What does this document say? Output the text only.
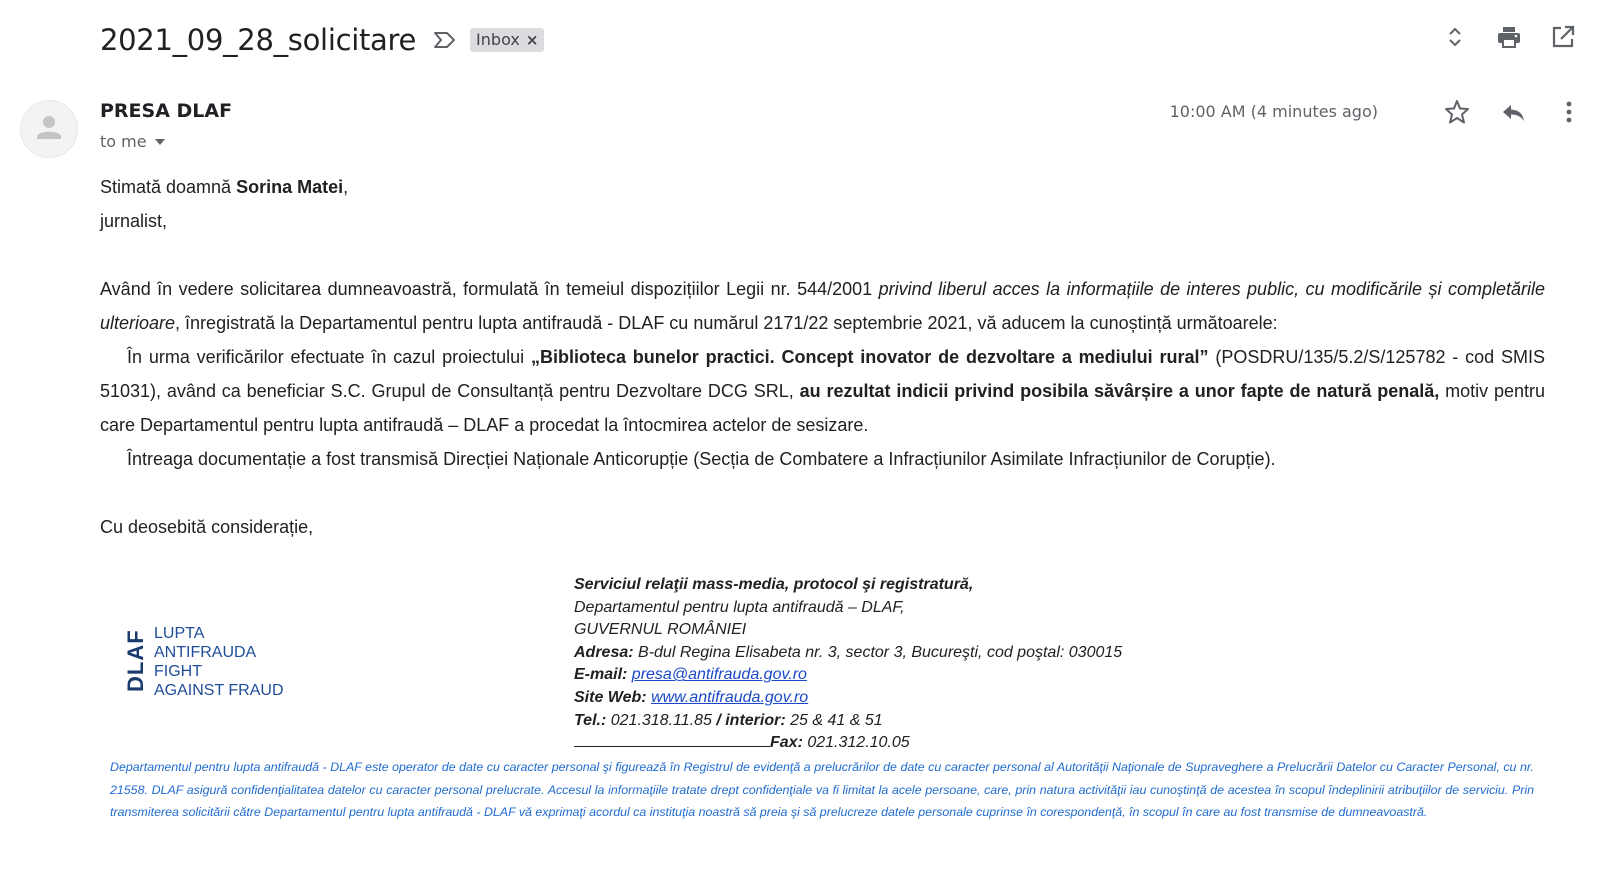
2021_09_28_solicitare	Inbox ×
PRESA DLAF
to me
10:00 AM (4 minutes ago)

Stimată doamnă Sorina Matei,

jurnalist,

Având în vedere solicitarea dumneavoastră, formulată în temeiul dispozițiilor Legii nr. 544/2001 privind liberul acces la informațiile de interes public, cu modificările și completările ulterioare, înregistrată la Departamentul pentru lupta antifraudă - DLAF cu numărul 2171/22 septembrie 2021, vă aducem la cunoștință următoarele:

În urma verificărilor efectuate în cazul proiectului „Biblioteca bunelor practici. Concept inovator de dezvoltare a mediului rural” (POSDRU/135/5.2/S/125782 - cod SMIS 51031), având ca beneficiar S.C. Grupul de Consultanță pentru Dezvoltare DCG SRL, au rezultat indicii privind posibila săvârșire a unor fapte de natură penală, motiv pentru care Departamentul pentru lupta antifraudă – DLAF a procedat la întocmirea actelor de sesizare.

Întreaga documentație a fost transmisă Direcției Naționale Anticorupție (Secția de Combatere a Infracțiunilor Asimilate Infracțiunilor de Corupție).

Cu deosebită considerație,

DLAF LUPTA
ANTIFRAUDA
FIGHT
AGAINST FRAUD
Serviciul relaţii mass-media, protocol şi registratură,
Departamentul pentru lupta antifraudă – DLAF,
GUVERNUL ROMÂNIEI
Adresa: B-dul Regina Elisabeta nr. 3, sector 3, Bucureşti, cod poştal: 030015
E-mail: presa@antifrauda.gov.ro
Site Web: www.antifrauda.gov.ro
Tel.: 021.318.11.85 / interior: 25 & 41 & 51
Fax: 021.312.10.05
Departamentul pentru lupta antifraudă - DLAF este operator de date cu caracter personal şi figurează în Registrul de evidenţă a prelucrărilor de date cu caracter personal al Autorităţii Naţionale de Supraveghere a Prelucrării Datelor cu Caracter Personal, cu nr. 21558. DLAF asigură confidenţialitatea datelor cu caracter personal prelucrate. Accesul la informaţiile tratate drept confidenţiale va fi limitat la acele persoane, care, prin natura activităţii iau cunoştinţă de acestea în scopul îndeplinirii atribuţiilor de serviciu. Prin transmiterea solicitării către Departamentul pentru lupta antifraudă - DLAF vă exprimaţi acordul ca instituţia noastră să preia şi să prelucreze datele personale cuprinse în corespondenţă, în scopul în care au fost transmise de dumneavoastră.
